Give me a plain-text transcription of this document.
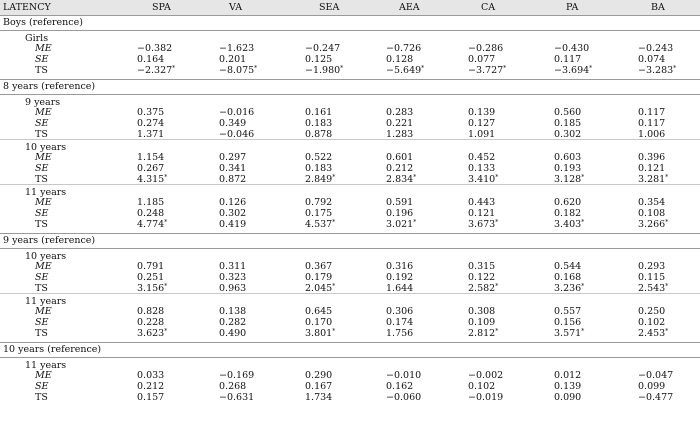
LATENCY	SPA	VA	SEA	AEA	CA	PA	BA
Boys (reference)
Girls
ME	−0.382	−1.623	−0.247	−0.726	−0.286	−0.430	−0.243
SE	0.164	0.201	0.125	0.128	0.077	0.117	0.074
TS	−2.327*	−8.075*	−1.980*	−5.649*	−3.727*	−3.694*	−3.283*
8 years (reference)
9 years
ME	0.375	−0.016	0.161	0.283	0.139	0.560	0.117
SE	0.274	0.349	0.183	0.221	0.127	0.185	0.117
TS	1.371	−0.046	0.878	1.283	1.091	0.302	1.006
10 years
ME	1.154	0.297	0.522	0.601	0.452	0.603	0.396
SE	0.267	0.341	0.183	0.212	0.133	0.193	0.121
TS	4.315*	0.872	2.849*	2.834*	3.410*	3.128*	3.281*
11 years
ME	1.185	0.126	0.792	0.591	0.443	0.620	0.354
SE	0.248	0.302	0.175	0.196	0.121	0.182	0.108
TS	4.774*	0.419	4.537*	3.021*	3.673*	3.403*	3.266*
9 years (reference)
10 years
ME	0.791	0.311	0.367	0.316	0.315	0.544	0.293
SE	0.251	0.323	0.179	0.192	0.122	0.168	0.115
TS	3.156*	0.963	2.045*	1.644	2.582*	3.236*	2.543*
11 years
ME	0.828	0.138	0.645	0.306	0.308	0.557	0.250
SE	0.228	0.282	0.170	0.174	0.109	0.156	0.102
TS	3.623*	0.490	3.801*	1.756	2.812*	3.571*	2.453*
10 years (reference)
11 years
ME	0.033	−0.169	0.290	−0.010	−0.002	0.012	−0.047
SE	0.212	0.268	0.167	0.162	0.102	0.139	0.099
TS	0.157	−0.631	1.734	−0.060	−0.019	0.090	−0.477
